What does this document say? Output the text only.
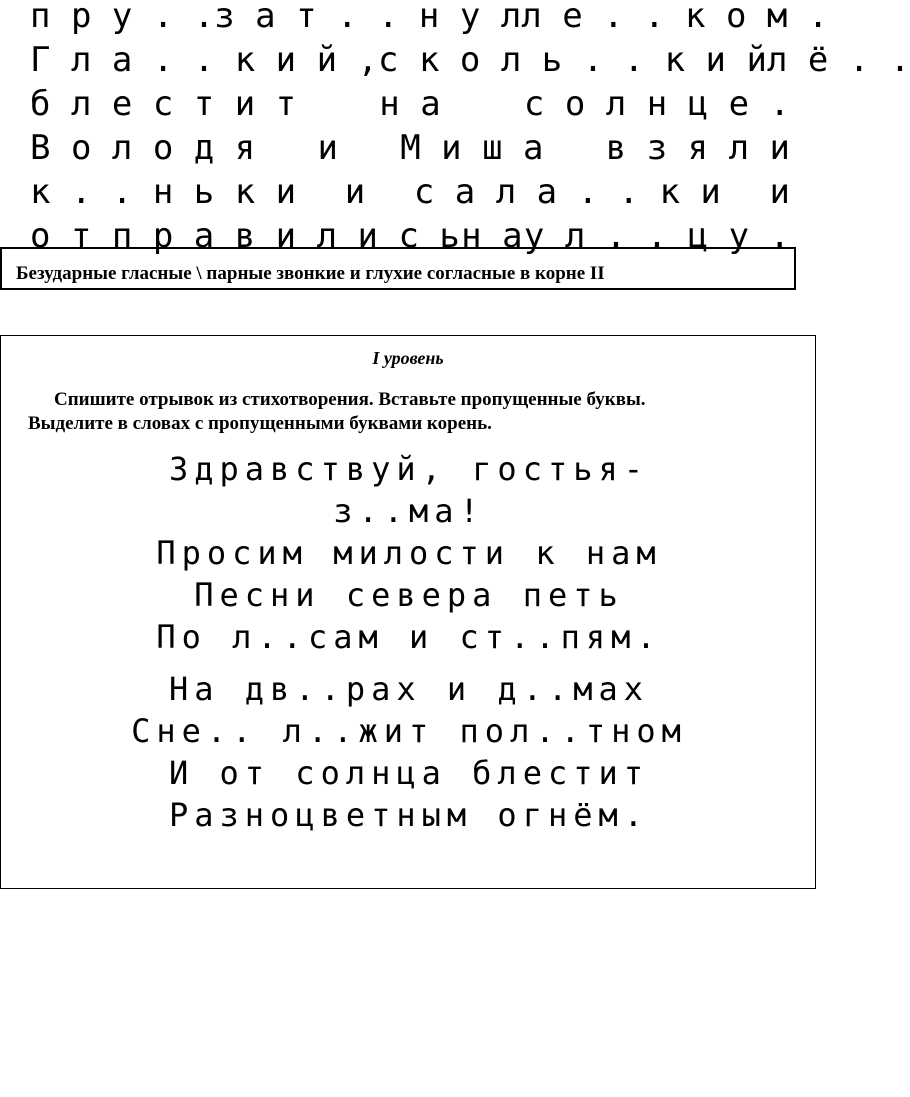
п р у . . з а т . . н у л л е . . к о м .
Г л а . . к и й , с к о л ь . . к и й л ё . .
б л е с т и т н а с о л н ц е .
В о л о д я и М и ш а в з я л и
к . . н ь к и и с а л а . . к и и
о т п р а в и л и с ь н а у л . . ц у .
Безударные гласные \ парные звонкие и глухие согласные в корне II
I уровень
Спишите отрывок из стихотворения. Вставьте пропущенные буквы.
Выделите в словах с пропущенными буквами корень.
Здравствуй, гостья-
з..ма!
Просим милости к нам
Песни севера петь
По л..сам и ст..пям.
На дв..рах и д..мах
Сне.. л..жит пол..тном
И от солнца блестит
Разноцветным огнём.
